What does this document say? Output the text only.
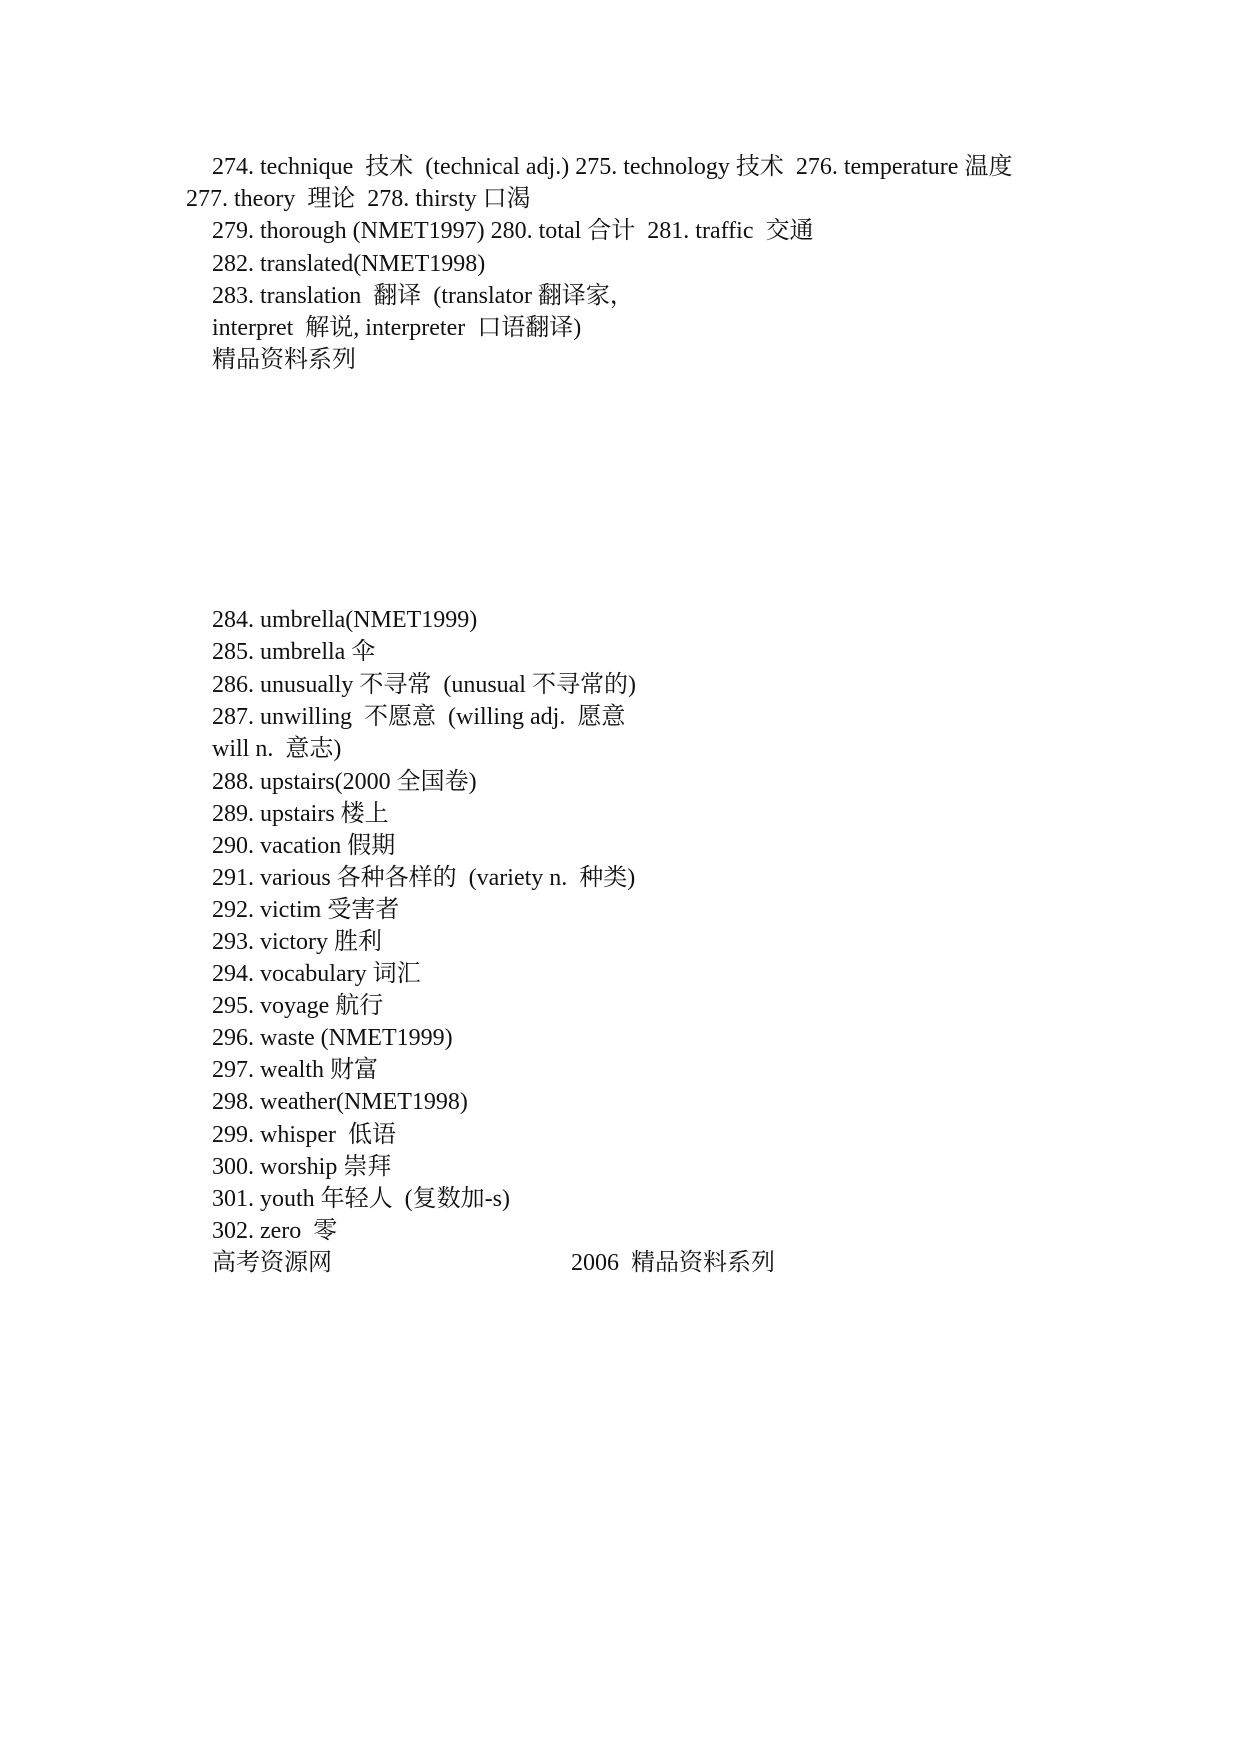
274. technique  技术  (technical adj.) 275. technology 技术  276. temperature 温度

277. theory  理论  278. thirsty 口渴

279. thorough (NMET1997) 280. total 合计  281. traffic  交通

282. translated(NMET1998)

283. translation  翻译  (translator 翻译家，

interpret  解说, interpreter  口语翻译)

精品资料系列

284. umbrella(NMET1999)

285. umbrella 伞

286. unusually 不寻常  (unusual 不寻常的)

287. unwilling  不愿意  (willing adj.  愿意

will n.  意志)

288. upstairs(2000 全国卷)

289. upstairs 楼上

290. vacation 假期

291. various 各种各样的  (variety n.  种类)

292. victim 受害者

293. victory 胜利

294. vocabulary 词汇

295. voyage 航行

296. waste (NMET1999)

297. wealth 财富

298. weather(NMET1998)

299. whisper  低语

300. worship 崇拜

301. youth 年轻人  (复数加-s)

302. zero  零

高考资源网	2006  精品资料系列
